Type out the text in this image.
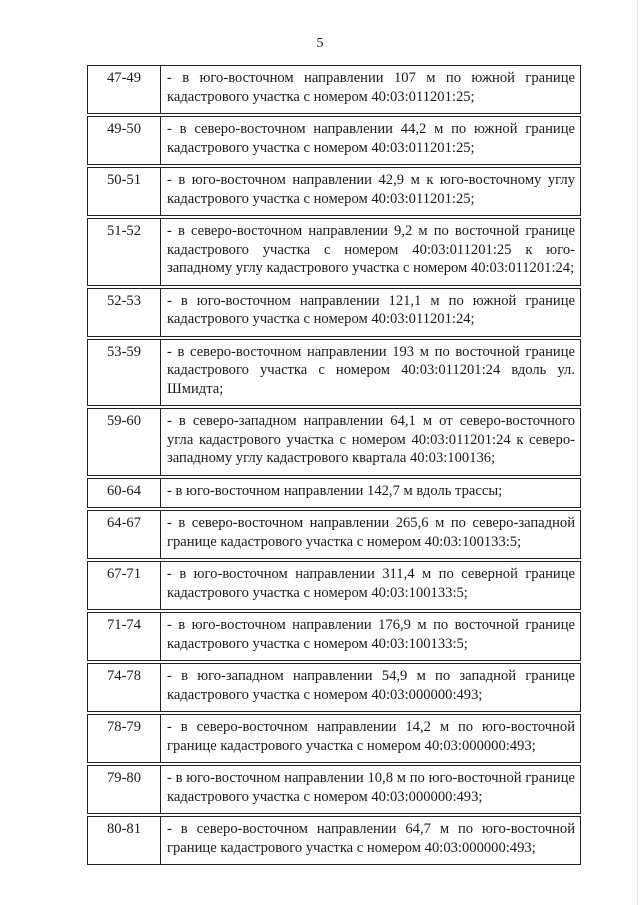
5
47-49	- в юго-восточном направлении 107 м по южной границе кадастрового участка с номером 40:03:011201:25;

49-50	- в северо-восточном направлении 44,2 м по южной границе кадастрового участка с номером 40:03:011201:25;

50-51	- в юго-восточном направлении 42,9 м к юго-восточному углу кадастрового участка с номером 40:03:011201:25;

51-52	- в северо-восточном направлении 9,2 м по восточной границе кадастрового участка с номером 40:03:011201:25 к юго-западному углу кадастрового участка с номером 40:03:011201:24;

52-53	- в юго-восточном направлении 121,1 м по южной границе кадастрового участка с номером 40:03:011201:24;

53-59	- в северо-восточном направлении 193 м по восточной границе кадастрового участка с номером 40:03:011201:24 вдоль ул. Шмидта;

59-60	- в северо-западном направлении 64,1 м от северо-восточного угла кадастрового участка с номером 40:03:011201:24 к северо-западному углу кадастрового квартала 40:03:100136;

60-64	- в юго-восточном направлении 142,7 м вдоль трассы;

64-67	- в северо-восточном направлении 265,6 м по северо-западной границе кадастрового участка с номером 40:03:100133:5;

67-71	- в юго-восточном направлении 311,4 м по северной границе кадастрового участка с номером 40:03:100133:5;

71-74	- в юго-восточном направлении 176,9 м по восточной границе кадастрового участка с номером 40:03:100133:5;

74-78	- в юго-западном направлении 54,9 м по западной границе кадастрового участка с номером 40:03:000000:493;

78-79	- в северо-восточном направлении 14,2 м по юго-восточной границе кадастрового участка с номером 40:03:000000:493;

79-80	- в юго-восточном направлении 10,8 м по юго-восточной границе кадастрового участка с номером 40:03:000000:493;

80-81	- в северо-восточном направлении 64,7 м по юго-восточной границе кадастрового участка с номером 40:03:000000:493;
